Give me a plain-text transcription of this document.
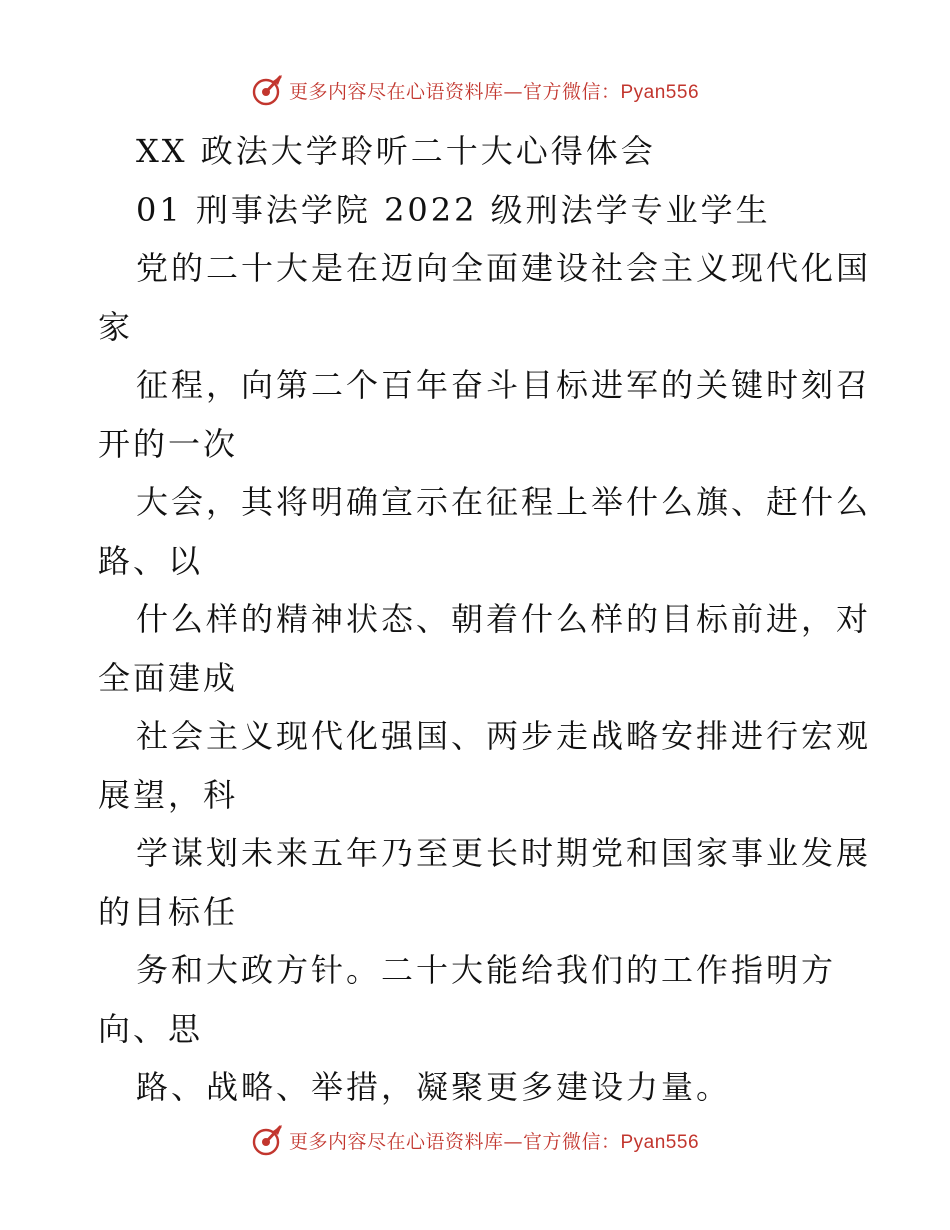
更多内容尽在心语资料库—官方微信：Pyan556
XX 政法大学聆听二十大心得体会
01 刑事法学院 2022 级刑法学专业学生
党的二十大是在迈向全面建设社会主义现代化国
家
征程，向第二个百年奋斗目标进军的关键时刻召
开的一次
大会，其将明确宣示在征程上举什么旗、赶什么
路、以
什么样的精神状态、朝着什么样的目标前进，对
全面建成
社会主义现代化强国、两步走战略安排进行宏观
展望，科
学谋划未来五年乃至更长时期党和国家事业发展
的目标任
务和大政方针。二十大能给我们的工作指明方
向、思
路、战略、举措，凝聚更多建设力量。
更多内容尽在心语资料库—官方微信：Pyan556
